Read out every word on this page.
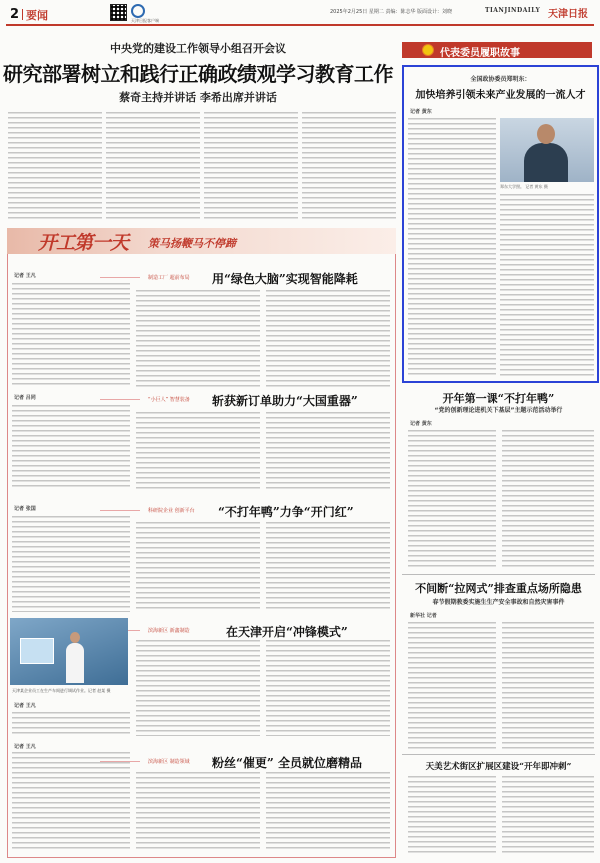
2 要闻	天津日报客户端
2025年2月25日 星期二 责编：陈志华 版面设计：刘晓	TIANJINDAILY 天津日报
中央党的建设工作领导小组召开会议
研究部署树立和践行正确政绩观学习教育工作
蔡奇主持并讲话 李希出席并讲话
代表委员履职故事
全国政协委员郑明东：
加快培养引领未来产业发展的一流人才
记者 黄东
郑东大学照。 记者 黄东 摄
开工第一天 策马扬鞭马不停蹄
制造工厂 超前布局 用“绿色大脑”实现智能降耗
记者 王凡
“小巨人” 智慧装备 斩获新订单助力“大国重器”
记者 吕同
科研院企业 创新平台 “不打年鸭”力争“开门红”
记者 张国
滨海新区 新鑫制造	在天津开启“冲锋模式”
天津某企业员工在生产车间进行调试作业。记者 赵某 摄
记者 王凡
滨海新区 制造领域 粉丝“催更” 全员就位磨精品
记者 王凡
开年第一课“不打年鸭”
“党的创新理论进机关下基层”主题示范活动举行
记者 黄东
不间断“拉网式”排查重点场所隐患
春节假期教委实施生生产安全事故和自然灾害事件
新华社 记者
天美艺术街区扩展区建设“开年即冲刺”
